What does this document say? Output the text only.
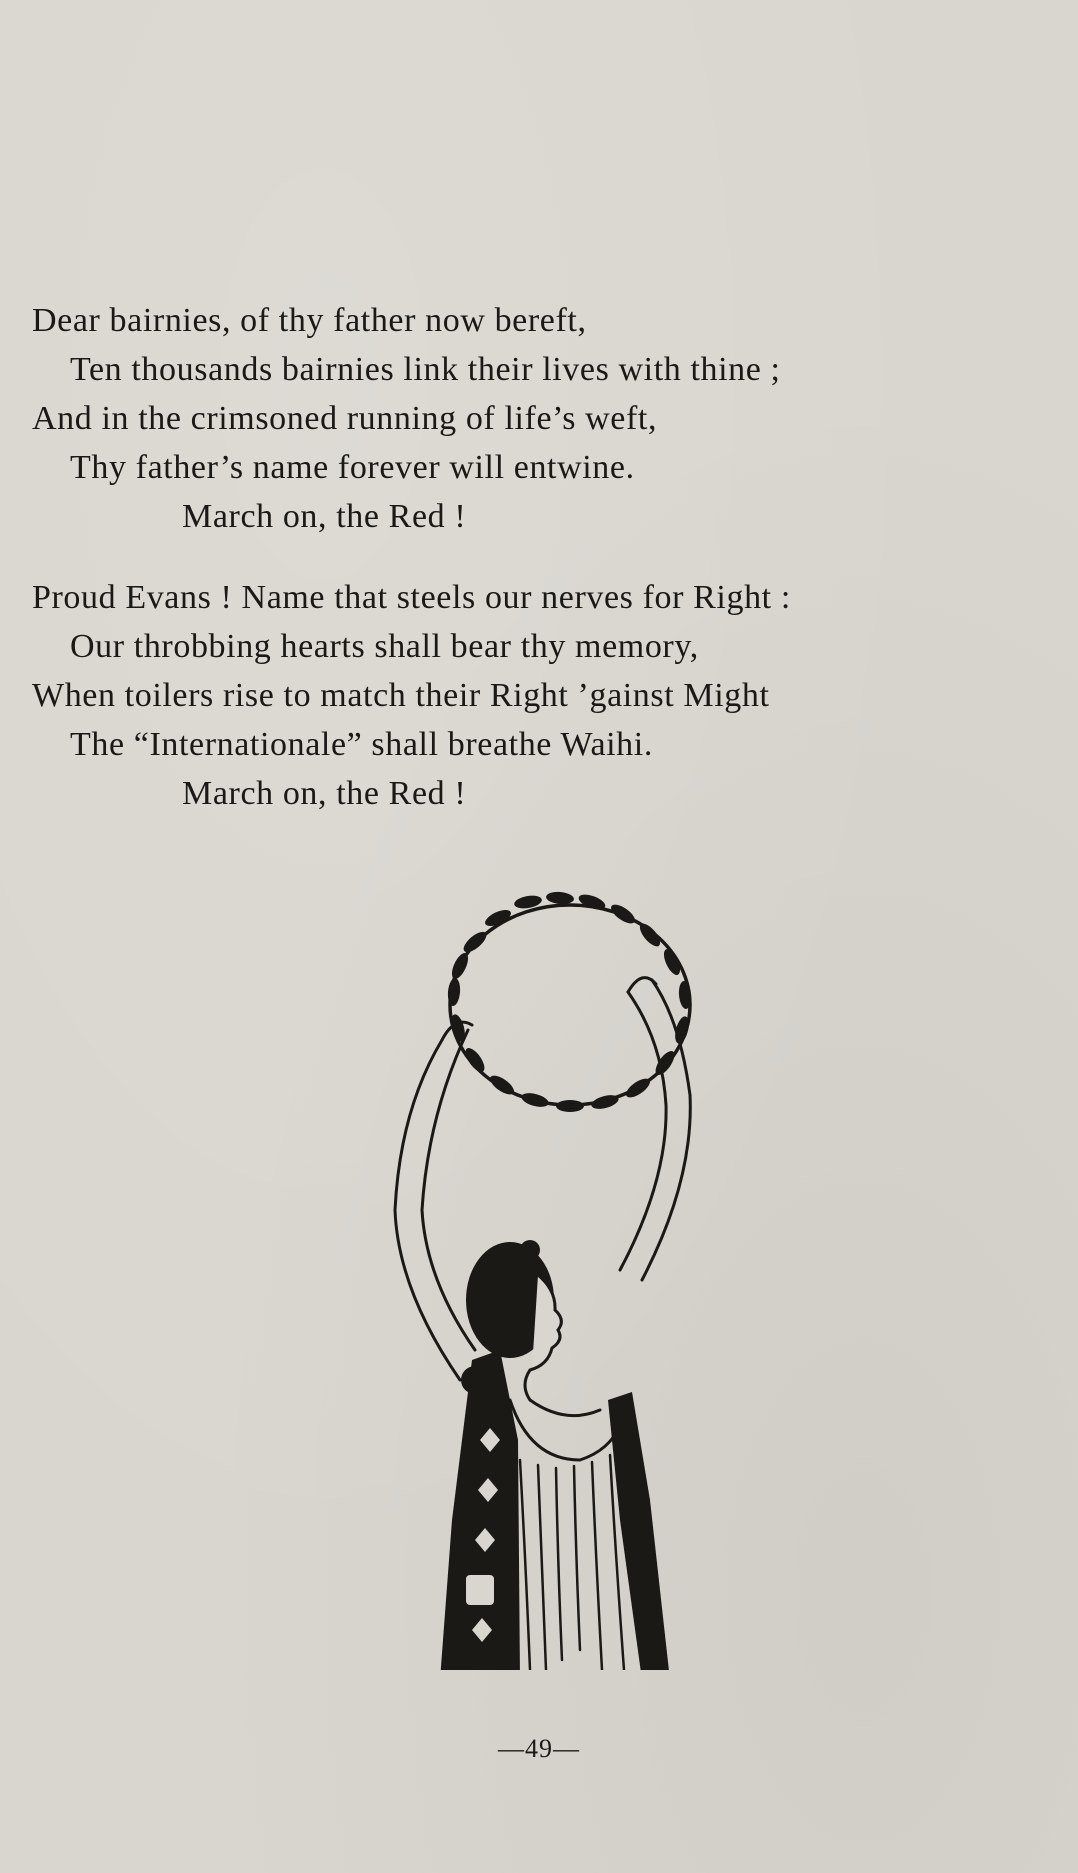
Dear bairnies, of thy father now bereft,
Ten thousands bairnies link their lives with thine ;
And in the crimsoned running of life’s weft,
Thy father’s name forever will entwine.
March on, the Red !
Proud Evans ! Name that steels our nerves for Right :
Our throbbing hearts shall bear thy memory,
When toilers rise to match their Right ’gainst Might
The “Internationale” shall breathe Waihi.
March on, the Red !
—49—
